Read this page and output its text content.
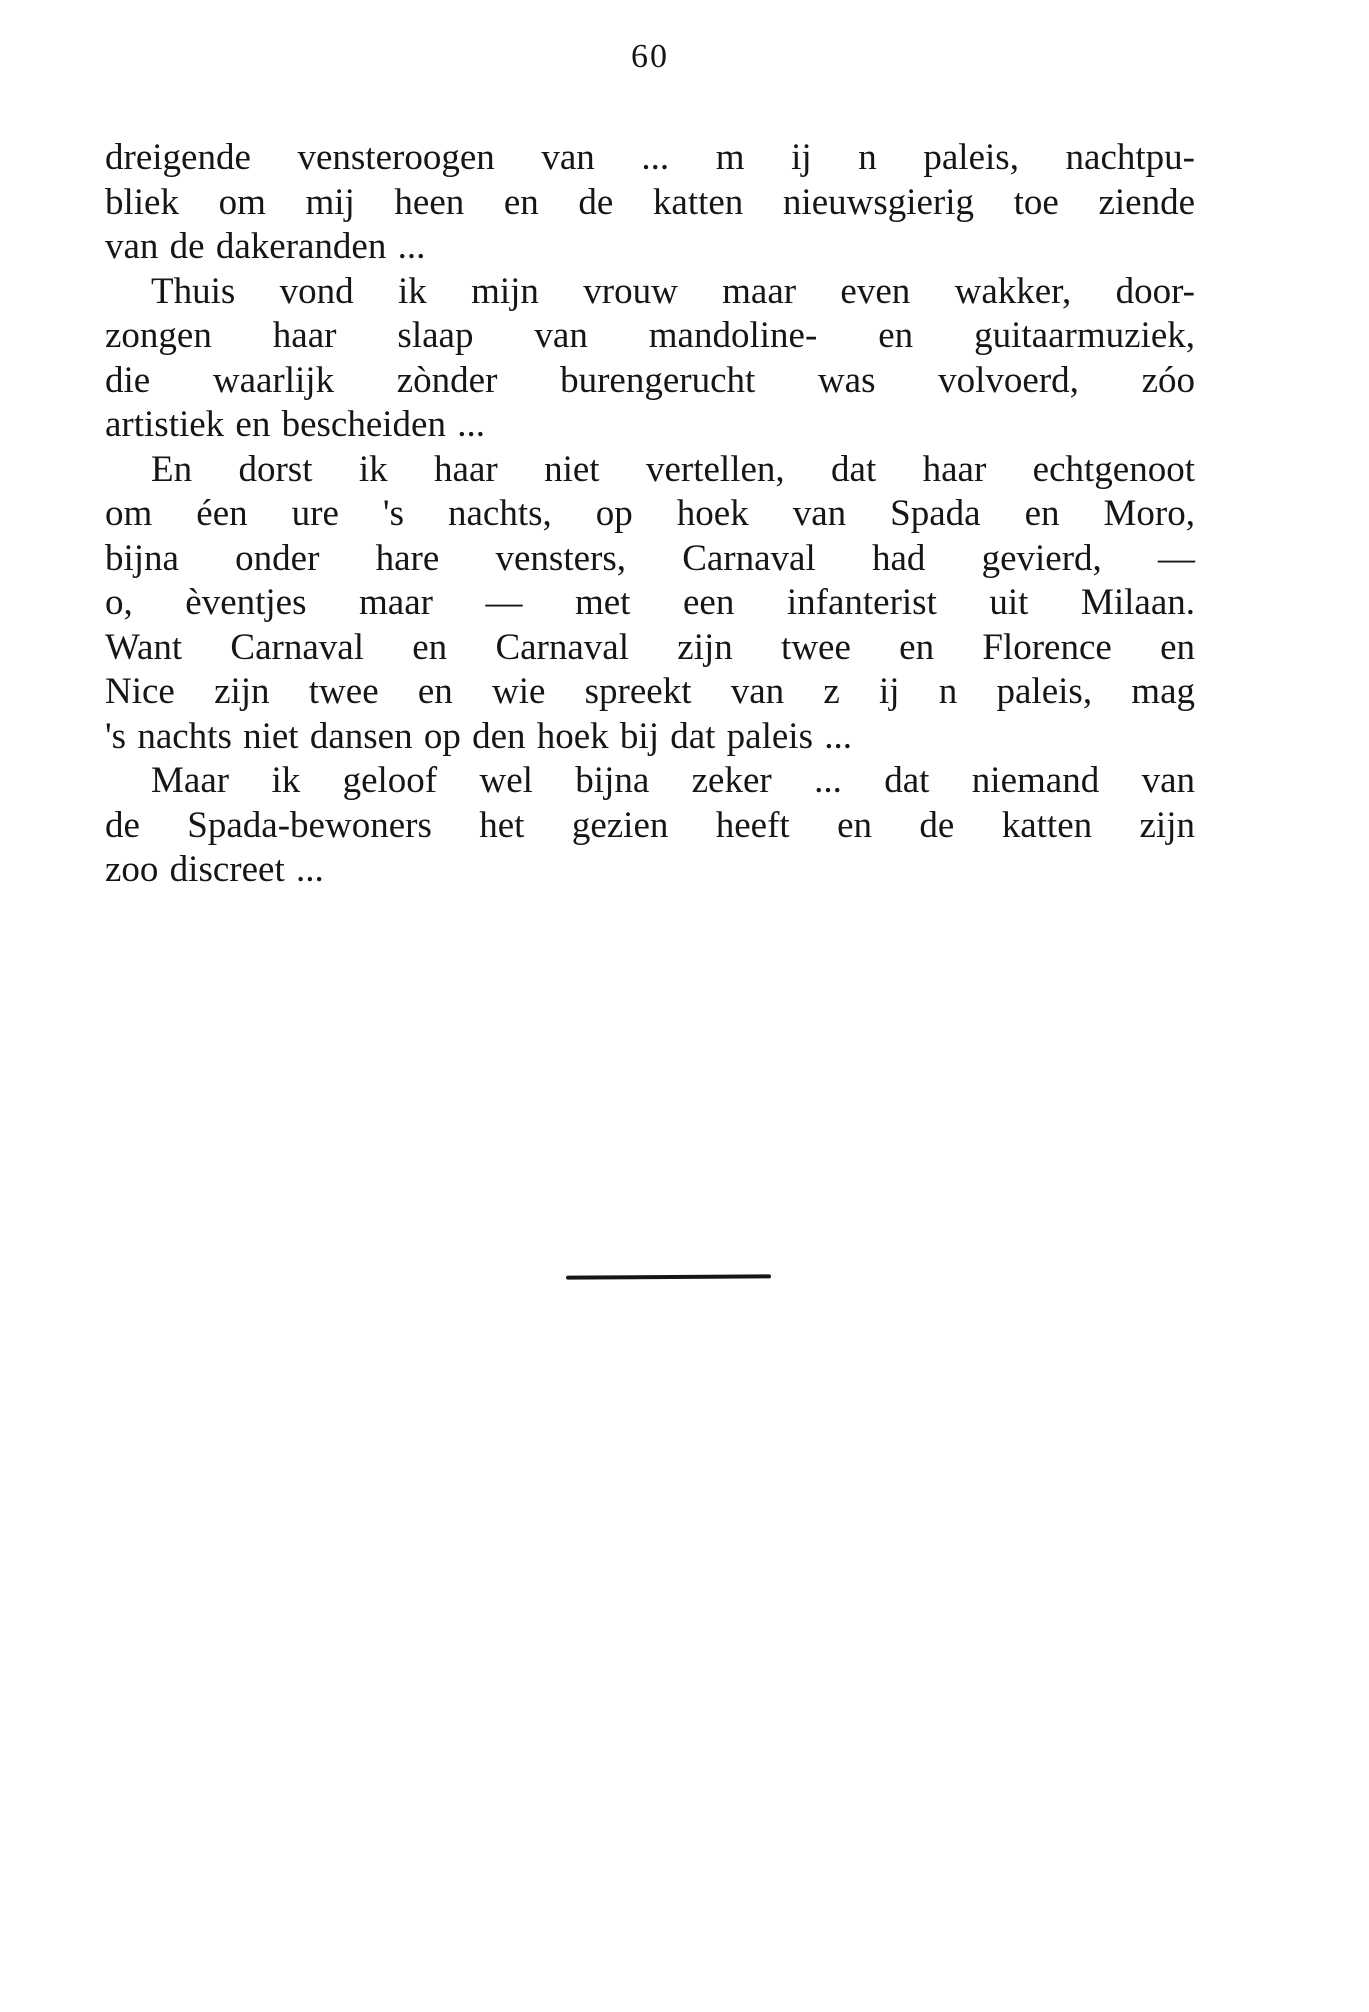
60
dreigende vensteroogen van ... m ij n paleis, nachtpu-
bliek om mij heen en de katten nieuwsgierig toe ziende
van de dakeranden ...
Thuis vond ik mijn vrouw maar even wakker, door-
zongen haar slaap van mandoline- en guitaarmuziek,
die waarlijk zònder burengerucht was volvoerd, zóo
artistiek en bescheiden ...
En dorst ik haar niet vertellen, dat haar echtgenoot
om éen ure 's nachts, op hoek van Spada en Moro,
bijna onder hare vensters, Carnaval had gevierd, —
o, èventjes maar — met een infanterist uit Milaan.
Want Carnaval en Carnaval zijn twee en Florence en
Nice zijn twee en wie spreekt van z ij n paleis, mag
's nachts niet dansen op den hoek bij dat paleis ...
Maar ik geloof wel bijna zeker ... dat niemand van
de Spada-bewoners het gezien heeft en de katten zijn
zoo discreet ...
